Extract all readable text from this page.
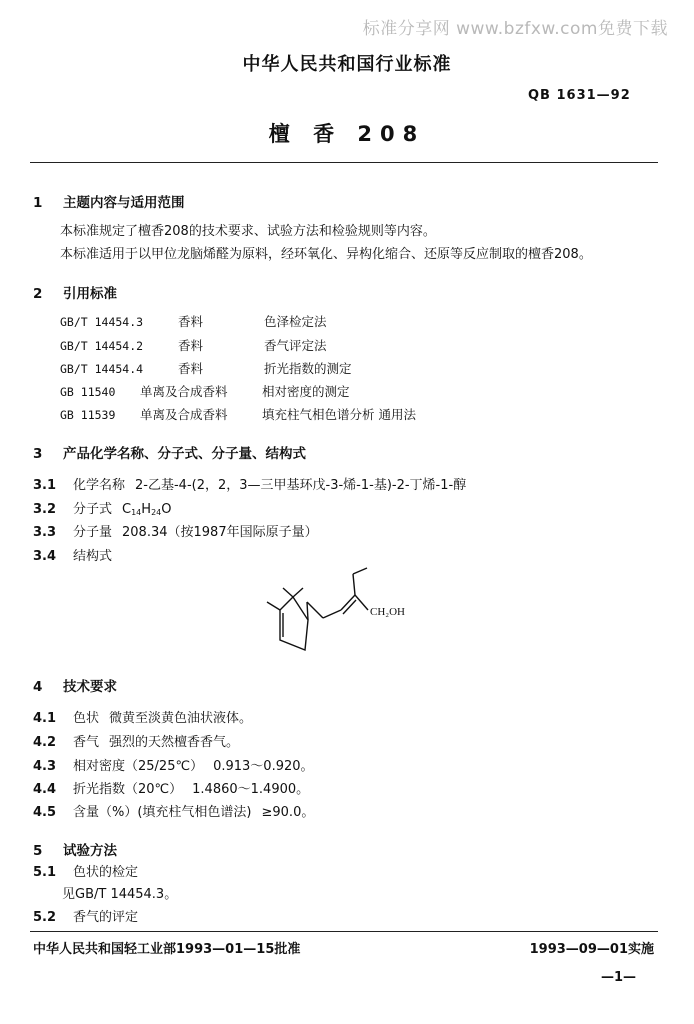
标准分享网 www.bzfxw.com免费下载
中华人民共和国行业标准
QB 1631—92
檀 香 208
1 主题内容与适用范围
本标准规定了檀香208的技术要求、试验方法和检验规则等内容。
本标准适用于以甲位龙脑烯醛为原料，经环氧化、异构化缩合、还原等反应制取的檀香208。
2 引用标准
GB/T 14454.3	香料	色泽检定法
GB/T 14454.2	香料	香气评定法
GB/T 14454.4	香料	折光指数的测定
GB 11540 单离及合成香料	相对密度的测定
GB 11539 单离及合成香料	填充柱气相色谱分析 通用法
3 产品化学名称、分子式、分子量、结构式
3.1 化学名称 2-乙基-4-(2，2，3—三甲基环戊-3-烯-1-基)-2-丁烯-1-醇
3.2 分子式 C14H24O
3.3 分子量 208.34（按1987年国际原子量）
3.4 结构式
CH₂OH
4 技术要求
4.1 色状 微黄至淡黄色油状液体。
4.2 香气 强烈的天然檀香香气。
4.3 相对密度（25/25℃） 0.913～0.920。
4.4 折光指数（20℃） 1.4860～1.4900。
4.5 含量（%）(填充柱气相色谱法) ≥90.0。
5 试验方法
5.1 色状的检定
见GB/T 14454.3。
5.2 香气的评定
中华人民共和国轻工业部1993—01—15批准	1993—09—01实施
—1—
